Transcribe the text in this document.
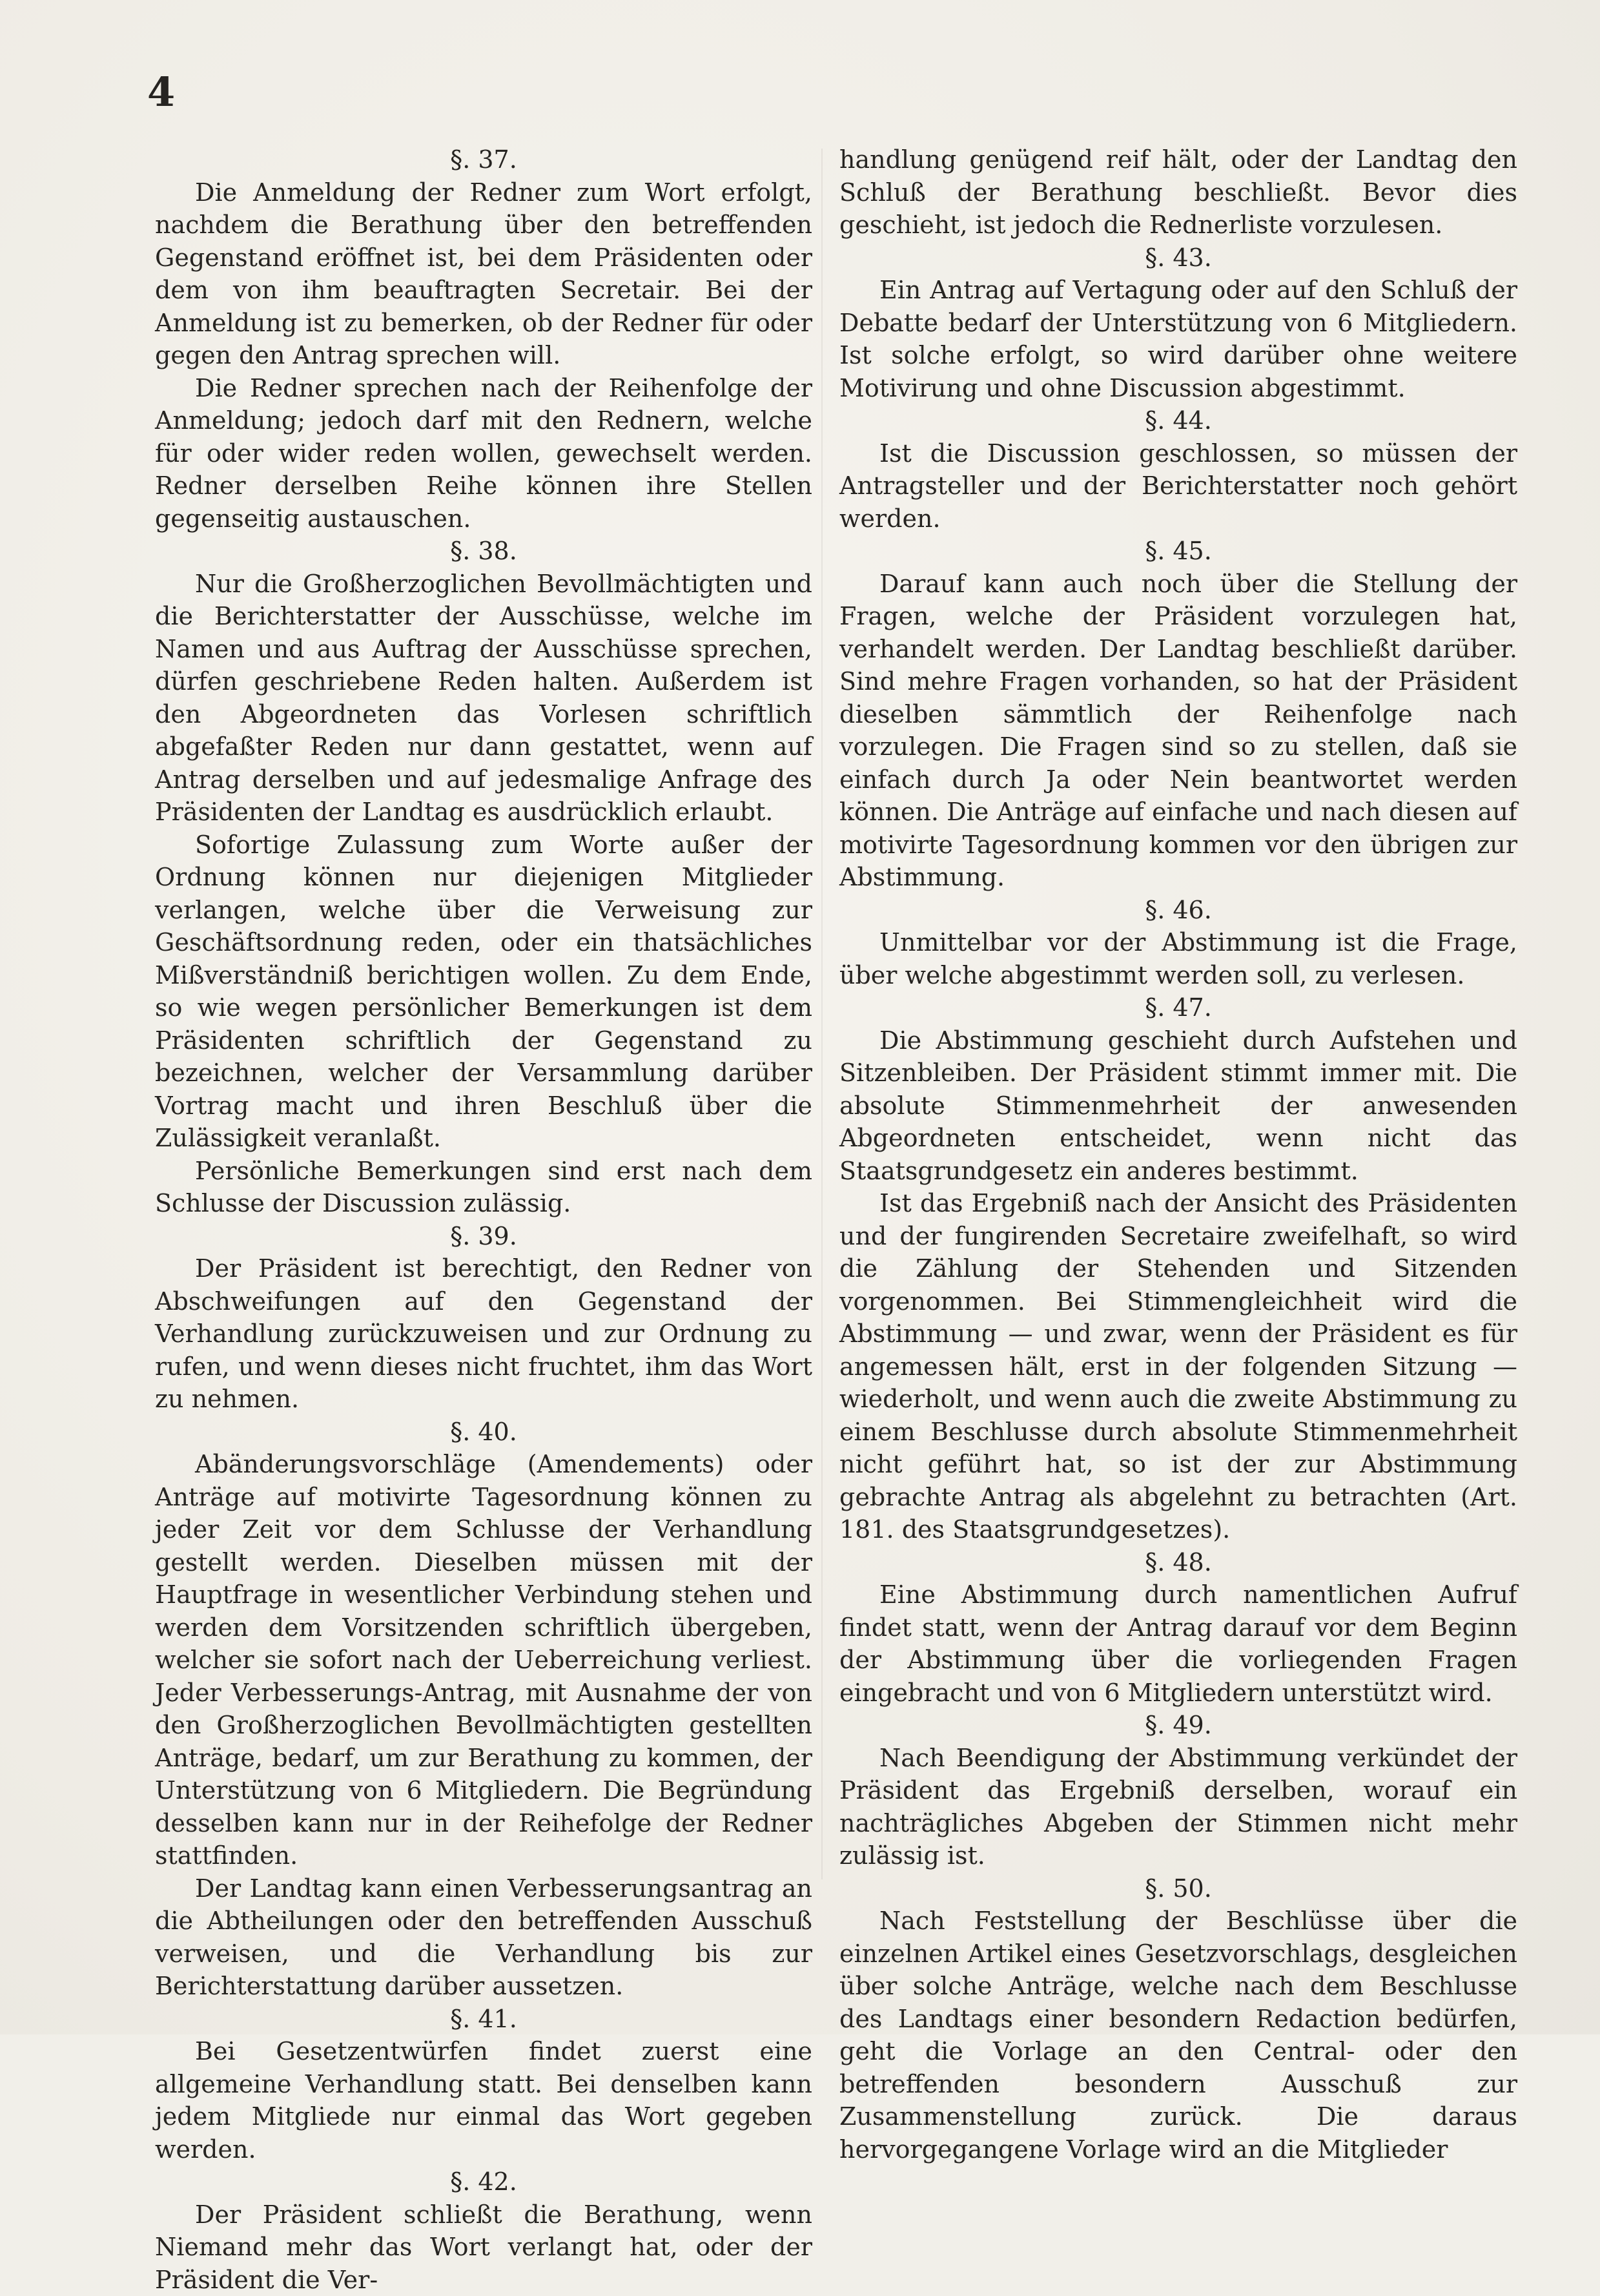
4
§. 37.

Die Anmeldung der Redner zum Wort erfolgt, nachdem die Berathung über den betreffenden Gegenstand eröffnet ist, bei dem Präsidenten oder dem von ihm beauftragten Secretair. Bei der Anmeldung ist zu bemerken, ob der Redner für oder gegen den Antrag sprechen will.

Die Redner sprechen nach der Reihenfolge der Anmeldung; jedoch darf mit den Rednern, welche für oder wider reden wollen, gewechselt werden. Redner derselben Reihe können ihre Stellen gegenseitig austauschen.

§. 38.

Nur die Großherzoglichen Bevollmächtigten und die Berichterstatter der Ausschüsse, welche im Namen und aus Auftrag der Ausschüsse sprechen, dürfen geschriebene Reden halten. Außerdem ist den Abgeordneten das Vorlesen schriftlich abgefaßter Reden nur dann gestattet, wenn auf Antrag derselben und auf jedesmalige Anfrage des Präsidenten der Landtag es ausdrücklich erlaubt.

Sofortige Zulassung zum Worte außer der Ordnung können nur diejenigen Mitglieder verlangen, welche über die Verweisung zur Geschäftsordnung reden, oder ein thatsächliches Mißverständniß berichtigen wollen. Zu dem Ende, so wie wegen persönlicher Bemerkungen ist dem Präsidenten schriftlich der Gegenstand zu bezeichnen, welcher der Versammlung darüber Vortrag macht und ihren Beschluß über die Zulässigkeit veranlaßt.

Persönliche Bemerkungen sind erst nach dem Schlusse der Discussion zulässig.

§. 39.

Der Präsident ist berechtigt, den Redner von Abschweifungen auf den Gegenstand der Verhandlung zurückzuweisen und zur Ordnung zu rufen, und wenn dieses nicht fruchtet, ihm das Wort zu nehmen.

§. 40.

Abänderungsvorschläge (Amendements) oder Anträge auf motivirte Tagesordnung können zu jeder Zeit vor dem Schlusse der Verhandlung gestellt werden. Dieselben müssen mit der Hauptfrage in wesentlicher Verbindung stehen und werden dem Vorsitzenden schriftlich übergeben, welcher sie sofort nach der Ueberreichung verliest. Jeder Verbesserungs-Antrag, mit Ausnahme der von den Großherzoglichen Bevollmächtigten gestellten Anträge, bedarf, um zur Berathung zu kommen, der Unterstützung von 6 Mitgliedern. Die Begründung desselben kann nur in der Reihefolge der Redner stattfinden.

Der Landtag kann einen Verbesserungsantrag an die Abtheilungen oder den betreffenden Ausschuß verweisen, und die Verhandlung bis zur Berichterstattung darüber aussetzen.

§. 41.

Bei Gesetzentwürfen findet zuerst eine allgemeine Verhandlung statt. Bei denselben kann jedem Mitgliede nur einmal das Wort gegeben werden.

§. 42.

Der Präsident schließt die Berathung, wenn Niemand mehr das Wort verlangt hat, oder der Präsident die Ver-

handlung genügend reif hält, oder der Landtag den Schluß der Berathung beschließt. Bevor dies geschieht, ist jedoch die Rednerliste vorzulesen.

§. 43.

Ein Antrag auf Vertagung oder auf den Schluß der Debatte bedarf der Unterstützung von 6 Mitgliedern. Ist solche erfolgt, so wird darüber ohne weitere Motivirung und ohne Discussion abgestimmt.

§. 44.

Ist die Discussion geschlossen, so müssen der Antragsteller und der Berichterstatter noch gehört werden.

§. 45.

Darauf kann auch noch über die Stellung der Fragen, welche der Präsident vorzulegen hat, verhandelt werden. Der Landtag beschließt darüber. Sind mehre Fragen vorhanden, so hat der Präsident dieselben sämmtlich der Reihenfolge nach vorzulegen. Die Fragen sind so zu stellen, daß sie einfach durch Ja oder Nein beantwortet werden können. Die Anträge auf einfache und nach diesen auf motivirte Tagesordnung kommen vor den übrigen zur Abstimmung.

§. 46.

Unmittelbar vor der Abstimmung ist die Frage, über welche abgestimmt werden soll, zu verlesen.

§. 47.

Die Abstimmung geschieht durch Aufstehen und Sitzenbleiben. Der Präsident stimmt immer mit. Die absolute Stimmenmehrheit der anwesenden Abgeordneten entscheidet, wenn nicht das Staatsgrundgesetz ein anderes bestimmt.

Ist das Ergebniß nach der Ansicht des Präsidenten und der fungirenden Secretaire zweifelhaft, so wird die Zählung der Stehenden und Sitzenden vorgenommen. Bei Stimmengleichheit wird die Abstimmung — und zwar, wenn der Präsident es für angemessen hält, erst in der folgenden Sitzung — wiederholt, und wenn auch die zweite Abstimmung zu einem Beschlusse durch absolute Stimmenmehrheit nicht geführt hat, so ist der zur Abstimmung gebrachte Antrag als abgelehnt zu betrachten (Art. 181. des Staatsgrundgesetzes).

§. 48.

Eine Abstimmung durch namentlichen Aufruf findet statt, wenn der Antrag darauf vor dem Beginn der Abstimmung über die vorliegenden Fragen eingebracht und von 6 Mitgliedern unterstützt wird.

§. 49.

Nach Beendigung der Abstimmung verkündet der Präsident das Ergebniß derselben, worauf ein nachträgliches Abgeben der Stimmen nicht mehr zulässig ist.

§. 50.

Nach Feststellung der Beschlüsse über die einzelnen Artikel eines Gesetzvorschlags, desgleichen über solche Anträge, welche nach dem Beschlusse des Landtags einer besondern Redaction bedürfen, geht die Vorlage an den Central- oder den betreffenden besondern Ausschuß zur Zusammenstellung zurück. Die daraus hervorgegangene Vorlage wird an die Mitglieder
